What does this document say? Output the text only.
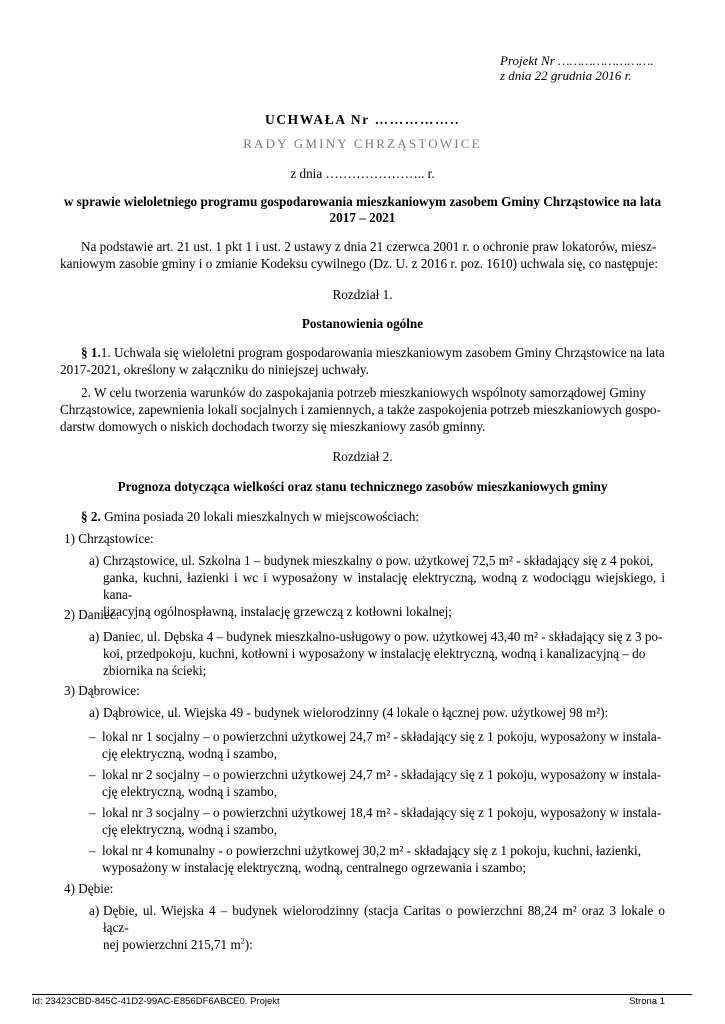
Projekt Nr …………………….
z dnia 22 grudnia 2016 r.
UCHWAŁA Nr ……………..
RADY GMINY CHRZĄSTOWICE
z dnia ………………….. r.
w sprawie wieloletniego programu gospodarowania mieszkaniowym zasobem Gminy Chrząstowice na lata
2017 – 2021
Na podstawie art. 21 ust. 1 pkt 1 i ust. 2 ustawy z dnia 21 czerwca 2001 r. o ochronie praw lokatorów, miesz-
kaniowym zasobie gminy i o zmianie Kodeksu cywilnego (Dz. U. z 2016 r. poz. 1610) uchwala się, co następuje:
Rozdział 1.
Postanowienia ogólne
§ 1.1. Uchwala się wieloletni program gospodarowania mieszkaniowym zasobem Gminy Chrząstowice na lata
2017-2021, określony w załączniku do niniejszej uchwały.
2. W celu tworzenia warunków do zaspokajania potrzeb mieszkaniowych wspólnoty samorządowej Gminy
Chrząstowice, zapewnienia lokali socjalnych i zamiennych, a także zaspokojenia potrzeb mieszkaniowych gospo-
darstw domowych o niskich dochodach tworzy się mieszkaniowy zasób gminny.
Rozdział 2.
Prognoza dotycząca wielkości oraz stanu technicznego zasobów mieszkaniowych gminy
§ 2. Gmina posiada 20 lokali mieszkalnych w miejscowościach:
1) Chrząstowice:
a) Chrząstowice, ul. Szkolna 1 – budynek mieszkalny o pow. użytkowej 72,5 m² - składający się z 4 pokoi,
ganka, kuchni, łazienki i wc i wyposażony w instalację elektryczną, wodną z wodociągu wiejskiego, i kana-
lizacyjną ogólnospławną, instalację grzewczą z kotłowni lokalnej;
2) Daniec:
a) Daniec, ul. Dębska 4 – budynek mieszkalno-usługowy o pow. użytkowej 43,40 m² - składający się z 3 po-
koi, przedpokoju, kuchni, kotłowni i wyposażony w instalację elektryczną, wodną i kanalizacyjną – do
zbiornika na ścieki;
3) Dąbrowice:
a) Dąbrowice, ul. Wiejska 49 - budynek wielorodzinny (4 lokale o łącznej pow. użytkowej 98 m²):
– lokal nr 1 socjalny – o powierzchni użytkowej 24,7 m² - składający się z 1 pokoju, wyposażony w instala-
cję elektryczną, wodną i szambo,
– lokal nr 2 socjalny – o powierzchni użytkowej 24,7 m² - składający się z 1 pokoju, wyposażony w instala-
cję elektryczną, wodną i szambo,
– lokal nr 3 socjalny – o powierzchni użytkowej 18,4 m² - składający się z 1 pokoju, wyposażony w instala-
cję elektryczną, wodną i szambo,
– lokal nr 4 komunalny - o powierzchni użytkowej 30,2 m² - składający się z 1 pokoju, kuchni, łazienki,
wyposażony w instalację elektryczną, wodną, centralnego ogrzewania i szambo;
4) Dębie:
a) Dębie, ul. Wiejska 4 – budynek wielorodzinny (stacja Caritas o powierzchni 88,24 m² oraz 3 lokale o łącz-
nej powierzchni 215,71 $m^2$):
Id: 23423CBD-845C-41D2-99AC-E856DF6ABCE0. Projekt	Strona 1
